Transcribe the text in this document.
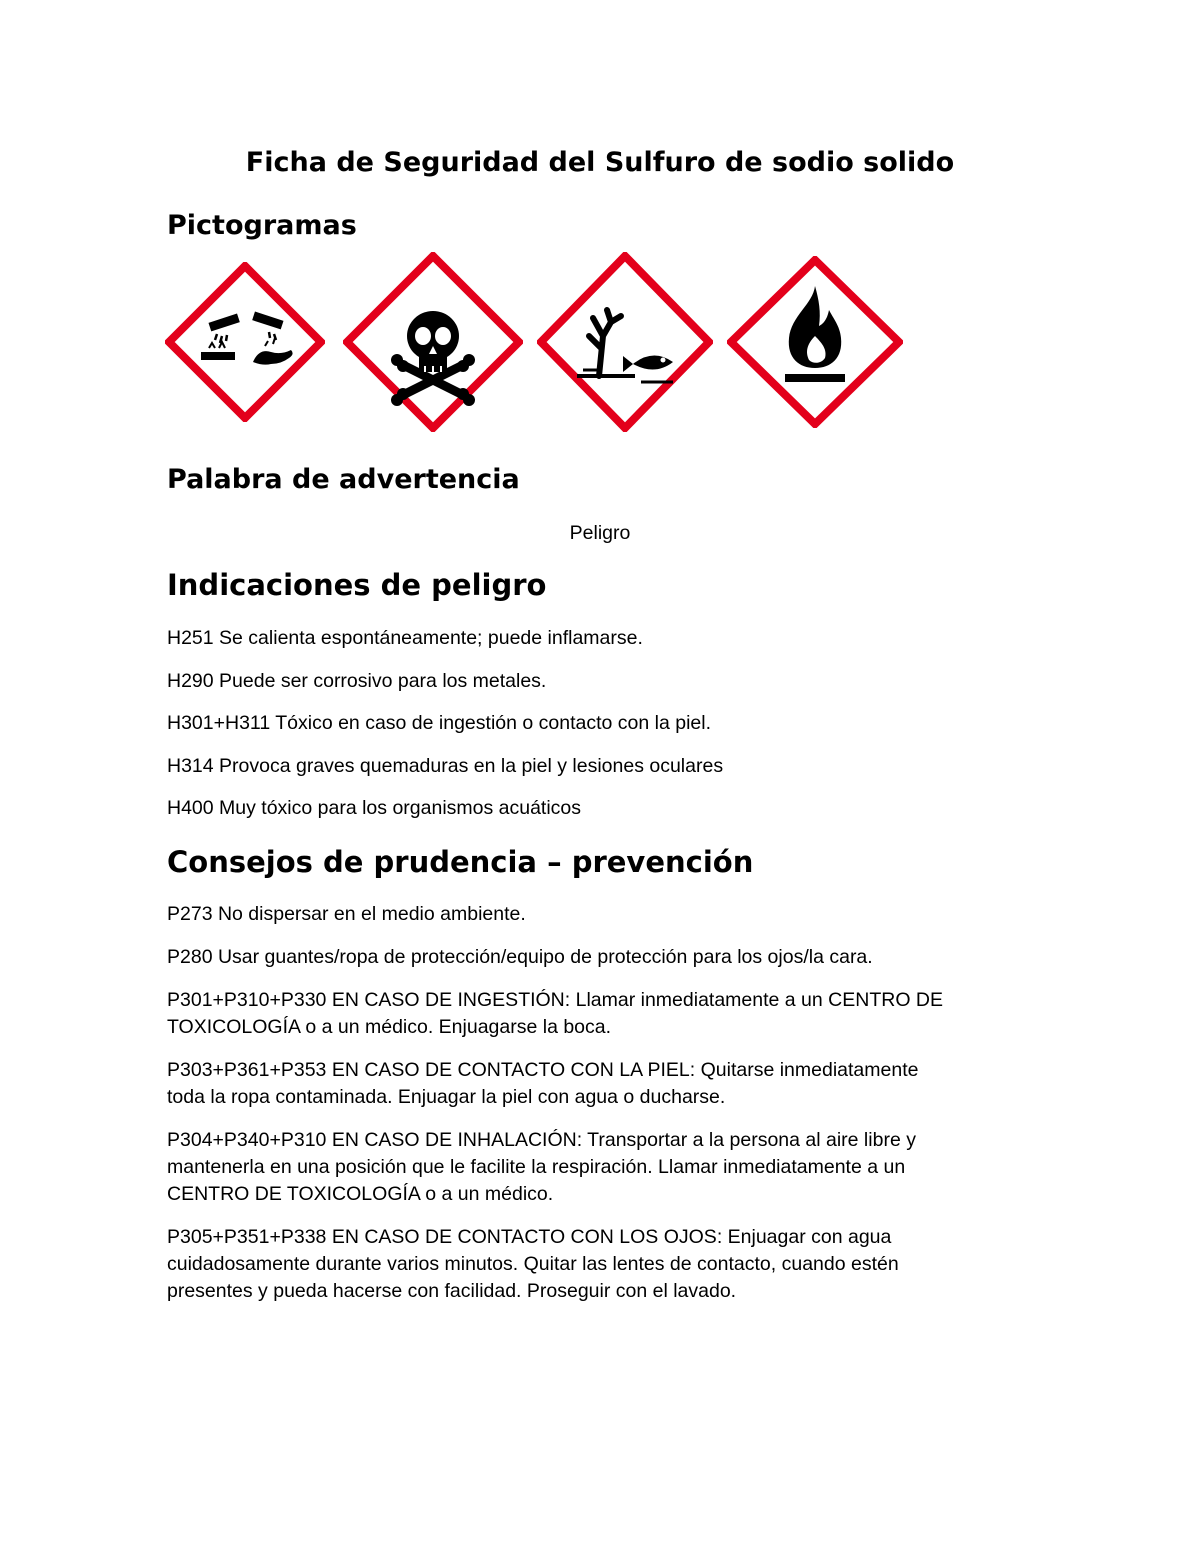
Ficha de Seguridad del Sulfuro de sodio solido
Pictogramas
Palabra de advertencia

Peligro

Indicaciones de peligro
H251 Se calienta espontáneamente; puede inflamarse.
H290 Puede ser corrosivo para los metales.
H301+H311 Tóxico en caso de ingestión o contacto con la piel.
H314 Provoca graves quemaduras en la piel y lesiones oculares
H400 Muy tóxico para los organismos acuáticos
Consejos de prudencia – prevención
P273 No dispersar en el medio ambiente.
P280 Usar guantes/ropa de protección/equipo de protección para los ojos/la cara.
P301+P310+P330 EN CASO DE INGESTIÓN: Llamar inmediatamente a un CENTRO DE
TOXICOLOGÍA o a un médico. Enjuagarse la boca.
P303+P361+P353 EN CASO DE CONTACTO CON LA PIEL: Quitarse inmediatamente
toda la ropa contaminada. Enjuagar la piel con agua o ducharse.
P304+P340+P310 EN CASO DE INHALACIÓN: Transportar a la persona al aire libre y
mantenerla en una posición que le facilite la respiración. Llamar inmediatamente a un
CENTRO DE TOXICOLOGÍA o a un médico.
P305+P351+P338 EN CASO DE CONTACTO CON LOS OJOS: Enjuagar con agua
cuidadosamente durante varios minutos. Quitar las lentes de contacto, cuando estén
presentes y pueda hacerse con facilidad. Proseguir con el lavado.
